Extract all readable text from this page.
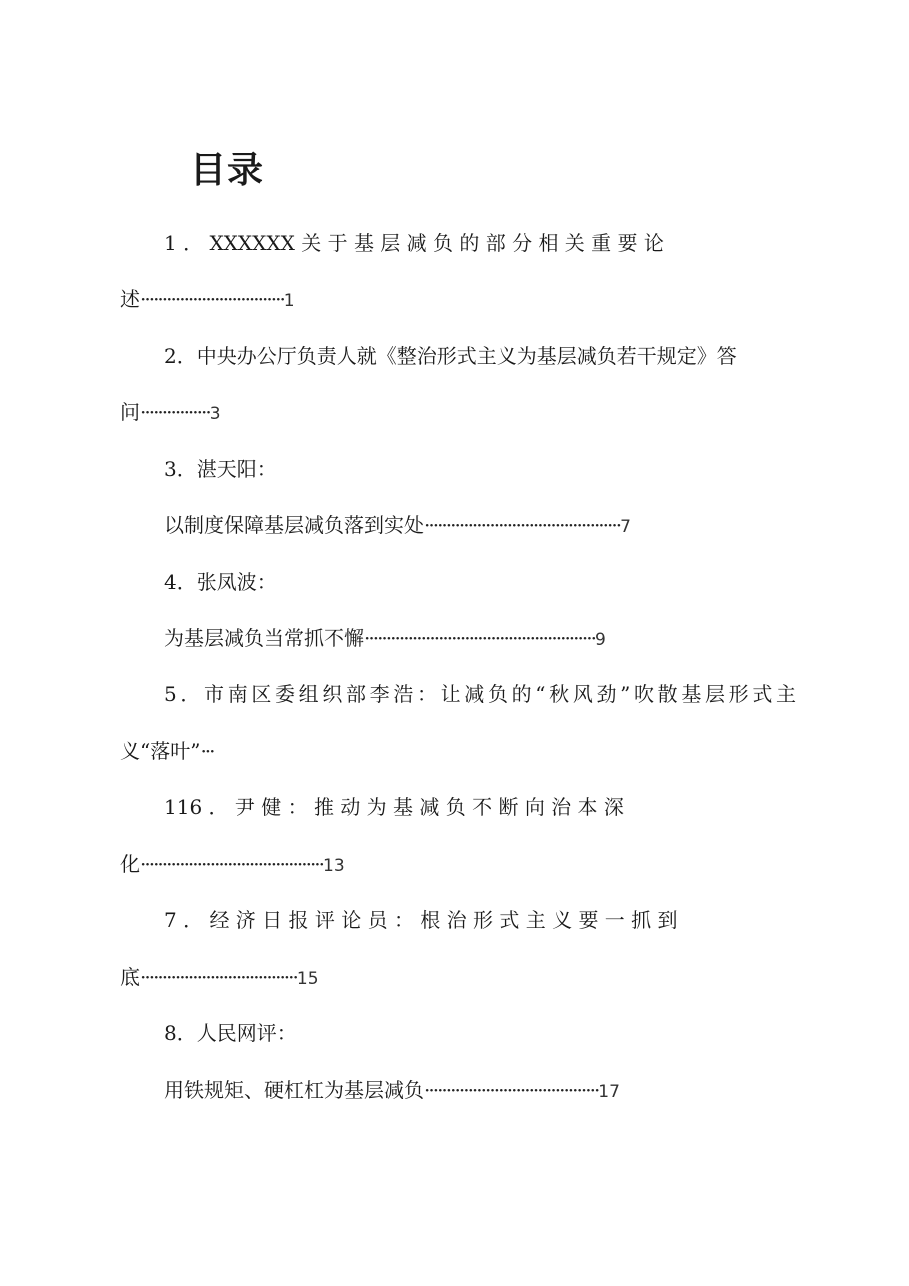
目录
1 ． XXXXXX 关 于 基 层 减 负 的 部 分 相 关 重 要 论
述·································1
2．中央办公厅负责人就《整治形式主义为基层减负若干规定》答
问················3
3．湛天阳：
以制度保障基层减负落到实处·············································7
4．张凤波：
为基层减负当常抓不懈·····················································9
5．市南区委组织部李浩：让减负的“秋风劲”吹散基层形式主
义“落叶”···
116 ． 尹 健 ： 推 动 为 基 减 负 不 断 向 治 本 深
化··········································13
7 ． 经 济 日 报 评 论 员 ： 根 治 形 式 主 义 要 一 抓 到
底····································15
8．人民网评：
用铁规矩、硬杠杠为基层减负········································17
